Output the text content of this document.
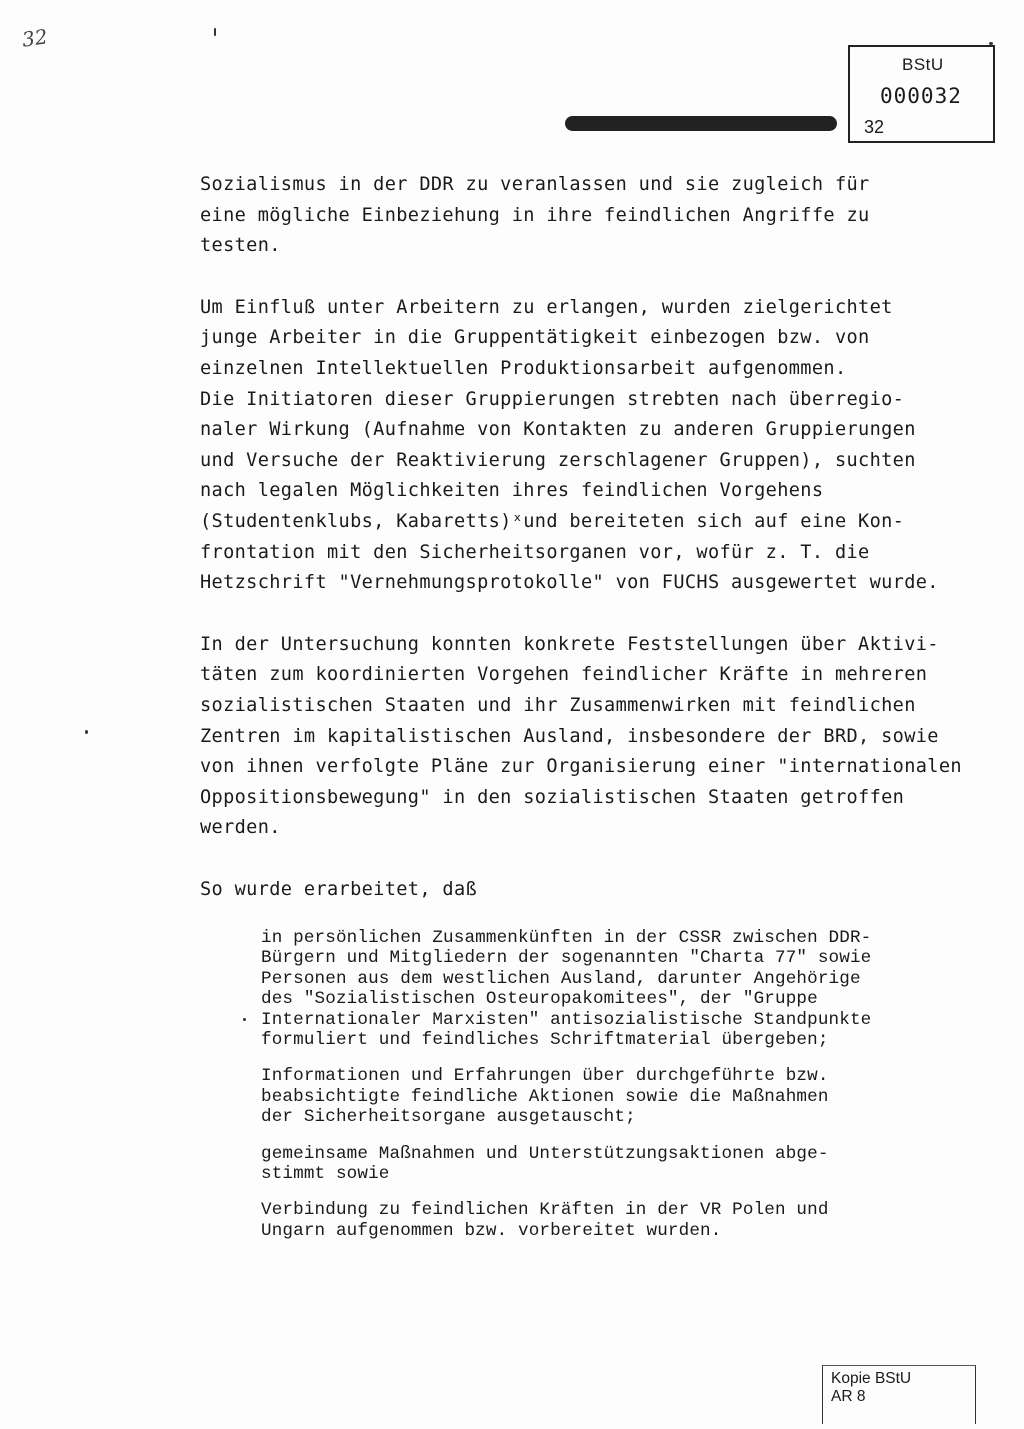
32
BStU
000032
32

Sozialismus in der DDR zu veranlassen und sie zugleich für
eine mögliche Einbeziehung in ihre feindlichen Angriffe zu
testen.

Um Einfluß unter Arbeitern zu erlangen, wurden zielgerichtet
junge Arbeiter in die Gruppentätigkeit einbezogen bzw. von
einzelnen Intellektuellen Produktionsarbeit aufgenommen.
Die Initiatoren dieser Gruppierungen strebten nach überregio-
naler Wirkung (Aufnahme von Kontakten zu anderen Gruppierungen
und Versuche der Reaktivierung zerschlagener Gruppen), suchten
nach legalen Möglichkeiten ihres feindlichen Vorgehens
(Studentenklubs, Kabaretts)ˣund bereiteten sich auf eine Kon-
frontation mit den Sicherheitsorganen vor, wofür z. T. die
Hetzschrift "Vernehmungsprotokolle" von FUCHS ausgewertet wurde.

In der Untersuchung konnten konkrete Feststellungen über Aktivi-
täten zum koordinierten Vorgehen feindlicher Kräfte in mehreren
sozialistischen Staaten und ihr Zusammenwirken mit feindlichen
Zentren im kapitalistischen Ausland, insbesondere der BRD, sowie
von ihnen verfolgte Pläne zur Organisierung einer "internationalen
Oppositionsbewegung" in den sozialistischen Staaten getroffen
werden.

So wurde erarbeitet, daß

in persönlichen Zusammenkünften in der CSSR zwischen DDR-
Bürgern und Mitgliedern der sogenannten "Charta 77" sowie
Personen aus dem westlichen Ausland, darunter Angehörige
des "Sozialistischen Osteuropakomitees", der "Gruppe
Internationaler Marxisten" antisozialistische Standpunkte
formuliert und feindliches Schriftmaterial übergeben;

Informationen und Erfahrungen über durchgeführte bzw.
beabsichtigte feindliche Aktionen sowie die Maßnahmen
der Sicherheitsorgane ausgetauscht;

gemeinsame Maßnahmen und Unterstützungsaktionen abge-
stimmt sowie

Verbindung zu feindlichen Kräften in der VR Polen und
Ungarn aufgenommen bzw. vorbereitet wurden.

Kopie BStU
AR 8
